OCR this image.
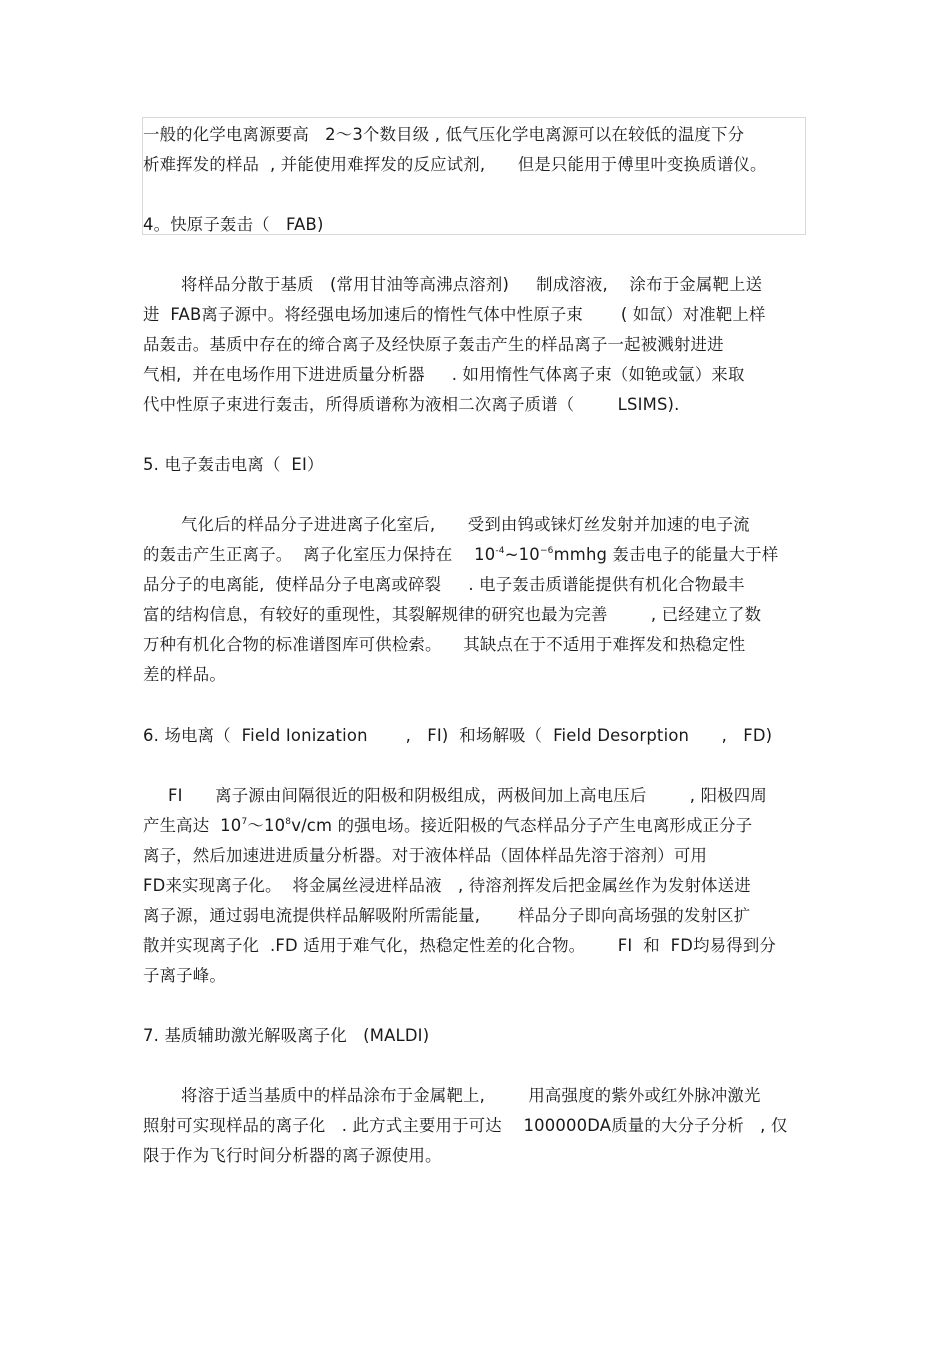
一般的化学电离源要高   2～3个数目级 , 低气压化学电离源可以在较低的温度下分
析难挥发的样品  , 并能使用难挥发的反应试剂,      但是只能用于傅里叶变换质谱仪。
4。快原子轰击（   FAB)
将样品分散于基质   (常用甘油等高沸点溶剂)     制成溶液,    涂布于金属靶上送
进  FAB离子源中。将经强电场加速后的惰性气体中性原子束       ( 如氙）对准靶上样
品轰击。基质中存在的缔合离子及经快原子轰击产生的样品离子一起被溅射进进
气相,  并在电场作用下进进质量分析器     . 如用惰性气体离子束（如铯或氩）来取
代中性原子束进行轰击，所得质谱称为液相二次离子质谱（        LSIMS).
5. 电子轰击电离（  EI）
气化后的样品分子进进离子化室后,      受到由钨或铼灯丝发射并加速的电子流
的轰击产生正离子。  离子化室压力保持在    $10^{-4}\sim 10^{-6}mmhg$ 轰击电子的能量大于样
品分子的电离能,  使样品分子电离或碎裂     . 电子轰击质谱能提供有机化合物最丰
富的结构信息，有较好的重现性，其裂解规律的研究也最为完善        , 已经建立了数
万种有机化合物的标准谱图库可供检索。    其缺点在于不适用于难挥发和热稳定性
差的样品。
6. 场电离（  Field Ionization       ,   FI)  和场解吸（  Field Desorption      ,   FD)
FI      离子源由间隔很近的阳极和阴极组成，两极间加上高电压后        , 阳极四周
产生高达  $10^7\sim 10^8v/cm$ 的强电场。接近阳极的气态样品分子产生电离形成正分子
离子，然后加速进进质量分析器。对于液体样品（固体样品先溶于溶剂）可用
FD来实现离子化。  将金属丝浸进样品液   , 待溶剂挥发后把金属丝作为发射体送进
离子源，通过弱电流提供样品解吸附所需能量,       样品分子即向高场强的发射区扩
散并实现离子化  .FD 适用于难气化，热稳定性差的化合物。      FI  和  FD均易得到分
子离子峰。
7. 基质辅助激光解吸离子化   (MALDI)
将溶于适当基质中的样品涂布于金属靶上,        用高强度的紫外或红外脉冲激光
照射可实现样品的离子化   . 此方式主要用于可达    100000DA质量的大分子分析   , 仅
限于作为飞行时间分析器的离子源使用。
